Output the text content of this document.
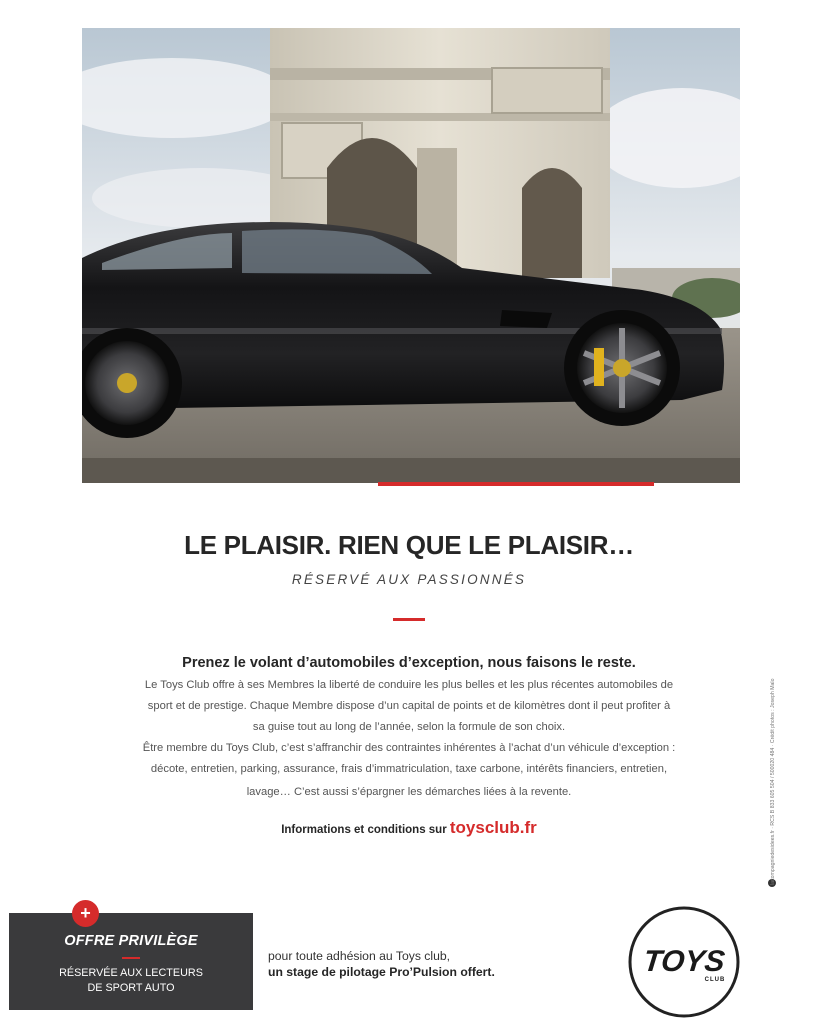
LE PLAISIR. RIEN QUE LE PLAISIR…
RÉSERVÉ AUX PASSIONNÉS
Prenez le volant d’automobiles d’exception, nous faisons le reste.
Le Toys Club offre à ses Membres la liberté de conduire les plus belles et les plus récentes automobiles de
sport et de prestige. Chaque Membre dispose d’un capital de points et de kilomètres dont il peut profiter à
sa guise tout au long de l’année, selon la formule de son choix.
Être membre du Toys Club, c’est s’affranchir des contraintes inhérentes à l’achat d’un véhicule d’exception :
décote, entretien, parking, assurance, frais d’immatriculation, taxe carbone, intérêts financiers, entretien,
lavage… C’est aussi s’épargner les démarches liées à la revente.
Informations et conditions sur toysclub.fr
OFFRE PRIVILÈGE
RÉSERVÉE AUX LECTEURS
DE SPORT AUTO
+
pour toute adhésion au Toys club,
un stage de pilotage Pro’Pulsion offert.	TOYS
CLUB
lacompagniedesidees.fr · RCS B 833 605 504 / 500020 484 · Crédit photos : Joseph Malo
